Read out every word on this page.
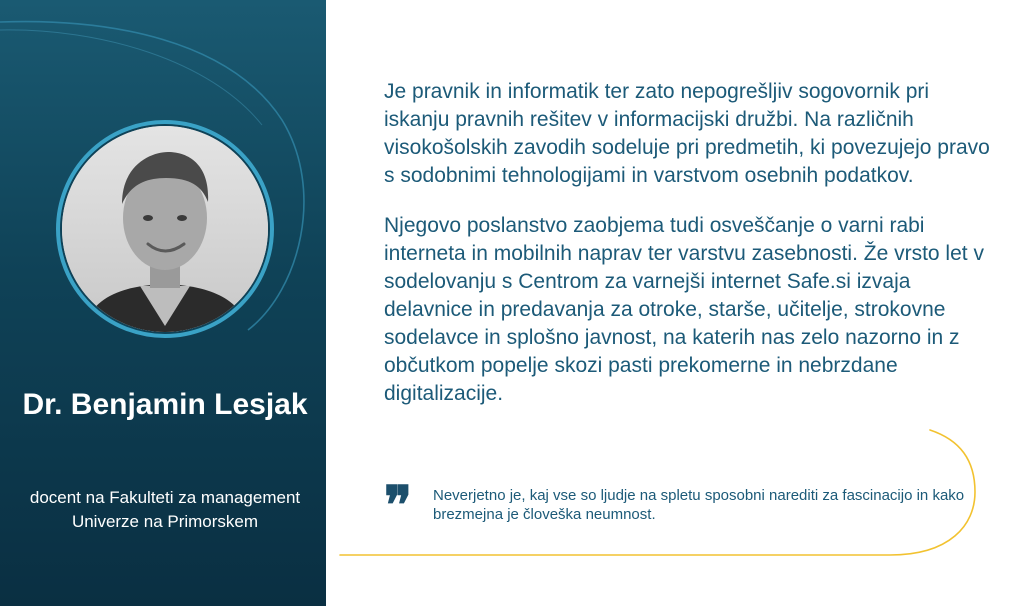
Dr. Benjamin Lesjak

docent na Fakulteti za management Univerze na Primorskem

Je pravnik in informatik ter zato nepogrešljiv sogovornik pri iskanju pravnih rešitev v informacijski družbi. Na različnih visokošolskih zavodih sodeluje pri predmetih, ki povezujejo pravo s sodobnimi tehnologijami in varstvom osebnih podatkov.

Njegovo poslanstvo zaobjema tudi osveščanje o varni rabi interneta in mobilnih naprav ter varstvu zasebnosti. Že vrsto let v sodelovanju s Centrom za varnejši internet Safe.si izvaja delavnice in predavanja za otroke, starše, učitelje, strokovne sodelavce in splošno javnost, na katerih nas zelo nazorno in z občutkom popelje skozi pasti prekomerne in nebrzdane digitalizacije.

❞ Neverjetno je, kaj vse so ljudje na spletu sposobni narediti za fascinacijo in kako brezmejna je človeška neumnost.
